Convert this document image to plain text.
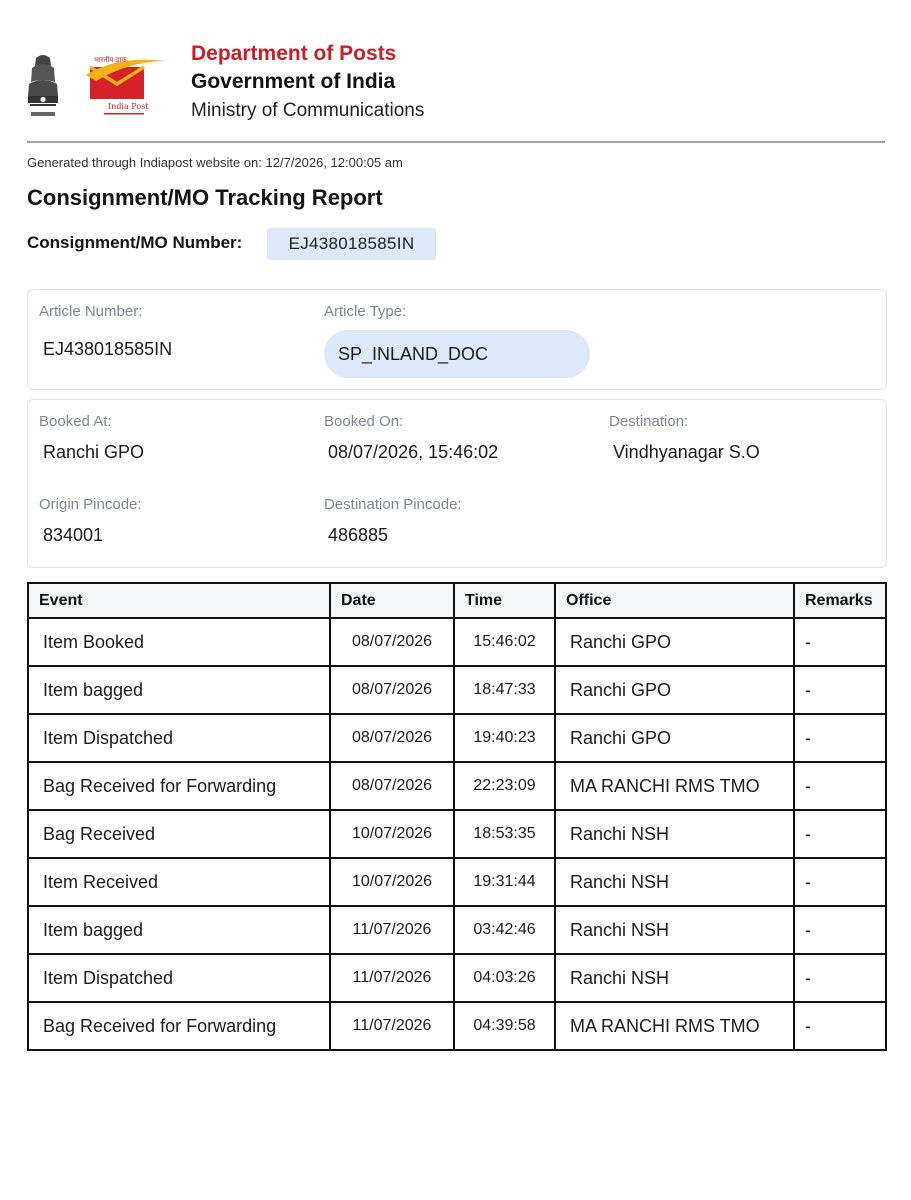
भारतीय डाक
India Post
Department of Posts
Government of India
Ministry of Communications
Generated through Indiapost website on: 12/7/2026, 12:00:05 am
Consignment/MO Tracking Report
Consignment/MO Number:	EJ438018585IN
Article Number:
EJ438018585IN
Article Type:
SP_INLAND_DOC
Booked At:
Ranchi GPO
Booked On:
08/07/2026, 15:46:02
Destination:
Vindhyanagar S.O
Origin Pincode:
834001
Destination Pincode:
486885
Event	Date	Time	Office	Remarks
Item Booked	08/07/2026	15:46:02	Ranchi GPO	-
Item bagged	08/07/2026	18:47:33	Ranchi GPO	-
Item Dispatched	08/07/2026	19:40:23	Ranchi GPO	-
Bag Received for Forwarding	08/07/2026	22:23:09	MA RANCHI RMS TMO	-
Bag Received	10/07/2026	18:53:35	Ranchi NSH	-
Item Received	10/07/2026	19:31:44	Ranchi NSH	-
Item bagged	11/07/2026	03:42:46	Ranchi NSH	-
Item Dispatched	11/07/2026	04:03:26	Ranchi NSH	-
Bag Received for Forwarding	11/07/2026	04:39:58	MA RANCHI RMS TMO	-
